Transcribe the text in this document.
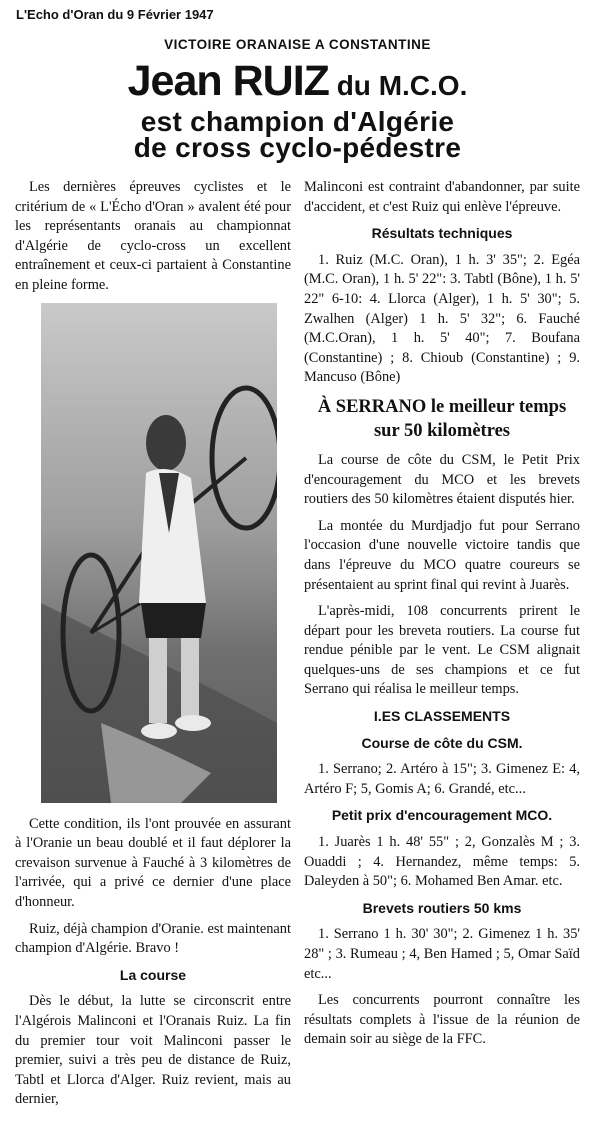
L'Echo d'Oran du 9 Février 1947
VICTOIRE ORANAISE A CONSTANTINE
Jean RUIZ du M.C.O.
est champion d'Algérie
de cross cyclo-pédestre

Les dernières épreuves cyclistes et le critérium de « L'Écho d'Oran » avalent été pour les représentants oranais au championnat d'Algérie de cyclo-cross un excellent entraînement et ceux-ci partaient à Constantine en pleine forme.

Cette condition, ils l'ont prouvée en assurant à l'Oranie un beau doublé et il faut déplorer la crevaison survenue à Fauché à 3 kilomètres de l'arrivée, qui a privé ce dernier d'une place d'honneur.

Ruiz, déjà champion d'Oranie. est maintenant champion d'Algérie. Bravo !

La course

Dès le début, la lutte se circonscrit entre l'Algérois Malinconi et l'Oranais Ruiz. La fin du premier tour voit Malinconi passer le premier, suivi a très peu de distance de Ruiz, Tabtl et Llorca d'Alger. Ruiz revient, mais au dernier,

Malinconi est contraint d'abandonner, par suite d'accident, et c'est Ruiz qui enlève l'épreuve.

Résultats techniques

1. Ruiz (M.C. Oran), 1 h. 3' 35"; 2. Egéa (M.C. Oran), 1 h. 5' 22": 3. Tabtl (Bône), 1 h. 5' 22" 6-10: 4. Llorca (Alger), 1 h. 5' 30"; 5. Zwalhen (Alger) 1 h. 5' 32"; 6. Fauché (M.C.Oran), 1 h. 5' 40"; 7. Boufana (Constantine) ; 8. Chioub (Constantine) ; 9. Mancuso (Bône)

À SERRANO le meilleur temps sur 50 kilomètres

La course de côte du CSM, le Petit Prix d'encouragement du MCO et les brevets routiers des 50 kilomètres étaient disputés hier.

La montée du Murdjadjo fut pour Serrano l'occasion d'une nouvelle victoire tandis que dans l'épreuve du MCO quatre coureurs se présentaient au sprint final qui revint à Juarès.

L'après-midi, 108 concurrents prirent le départ pour les breveta routiers. La course fut rendue pénible par le vent. Le CSM alignait quelques-uns de ses champions et ce fut Serrano qui réalisa le meilleur temps.

I.ES CLASSEMENTS
Course de côte du CSM.

1. Serrano; 2. Artéro à 15"; 3. Gimenez E: 4, Artéro F; 5, Gomis A; 6. Grandé, etc...

Petit prix d'encouragement MCO.

1. Juarès 1 h. 48' 55" ; 2, Gonzalès M ; 3. Ouaddi ; 4. Hernandez, même temps: 5. Daleyden à 50"; 6. Mohamed Ben Amar. etc.

Brevets routiers 50 kms

1. Serrano 1 h. 30' 30"; 2. Gimenez 1 h. 35' 28" ; 3. Rumeau ; 4, Ben Hamed ; 5, Omar Saïd etc...

Les concurrents pourront connaître les résultats complets à l'issue de la réunion de demain soir au siège de la FFC.
